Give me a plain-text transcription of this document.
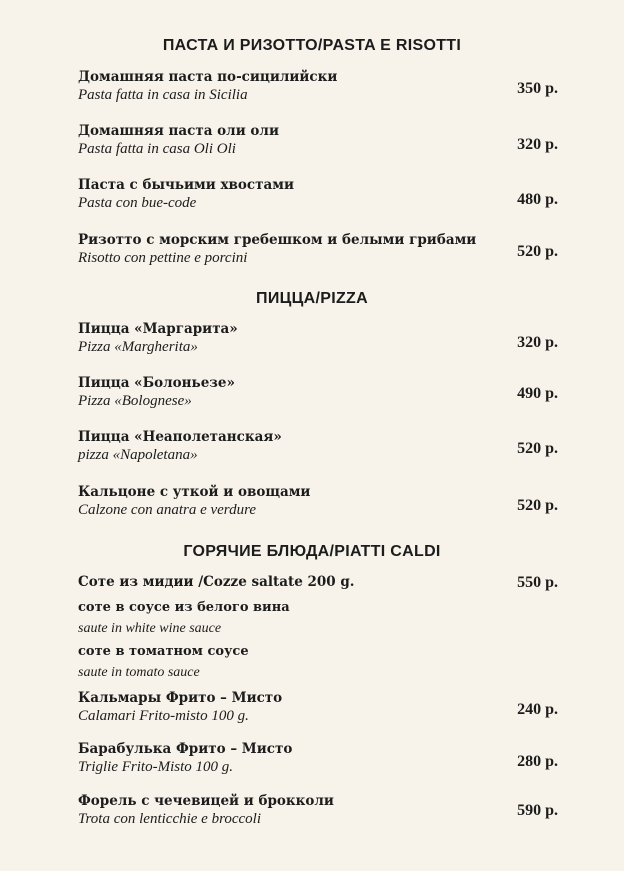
ПАСТА И РИЗОТТО/PASTA E RISOTTI
Домашняя паста по-сицилийски
Pasta fatta in casa in Sicilia	350 р.
Домашняя паста оли оли
Pasta fatta in casa Oli Oli	320 р.
Паста с бычьими хвостами
Pasta con bue-code	480 р.
Ризотто с морским гребешком и белыми грибами
Risotto con pettine e porcini	520 р.
ПИЦЦА/PIZZA
Пицца «Маргарита»
Pizza «Margherita»	320 р.
Пицца «Болоньезе»
Pizza «Bolognese»	490 р.
Пицца «Неаполетанская»
pizza «Napoletana»	520 р.
Кальцоне с уткой и овощами
Calzone con anatra e verdure	520 р.
ГОРЯЧИЕ БЛЮДА/PIATTI CALDI
Соте из мидии /Cozze saltate 200 g.	550 р.
соте в соусе из белого вина
saute in white wine sauce
соте в томатном соусе
saute in tomato sauce
Кальмары Фрито – Мисто
Calamari Frito-misto 100 g.	240 р.
Барабулька Фрито – Мисто
Triglie Frito-Misto 100 g.	280 р.
Форель с чечевицей и брокколи
Trota con lenticchie e broccoli	590 р.
